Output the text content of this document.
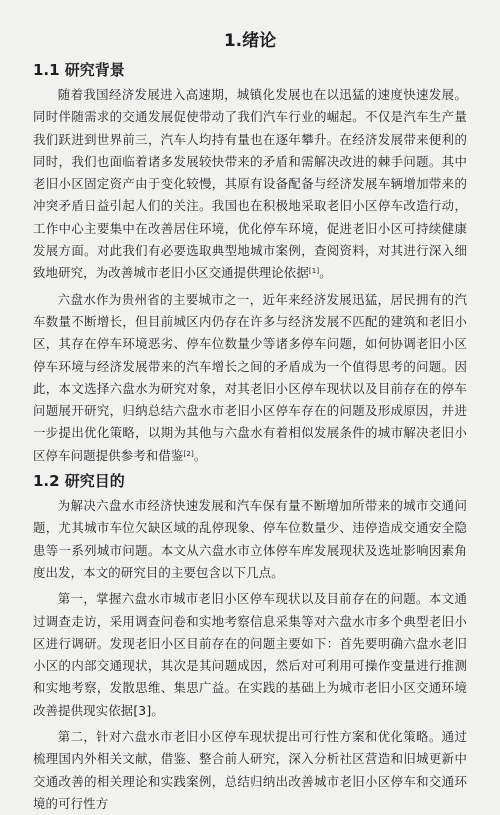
1.绪论
1.1 研究背景

随着我国经济发展进入高速期，城镇化发展也在以迅猛的速度快速发展。同时伴随需求的交通发展促使带动了我们汽车行业的崛起。不仅是汽车生产量我们跃进到世界前三，汽车人均持有量也在逐年攀升。在经济发展带来便利的同时，我们也面临着诸多发展较快带来的矛盾和需解决改进的棘手问题。其中老旧小区固定资产由于变化较慢，其原有设备配备与经济发展车辆增加带来的冲突矛盾日益引起人们的关注。我国也在积极地采取老旧小区停车改造行动，工作中心主要集中在改善居住环境，优化停车环境，促进老旧小区可持续健康发展方面。对此我们有必要选取典型地城市案例，查阅资料，对其进行深入细致地研究，为改善城市老旧小区交通提供理论依据[1]。

六盘水作为贵州省的主要城市之一，近年来经济发展迅猛，居民拥有的汽车数量不断增长，但目前城区内仍存在许多与经济发展不匹配的建筑和老旧小区，其存在停车环境恶劣、停车位数量少等诸多停车问题，如何协调老旧小区停车环境与经济发展带来的汽车增长之间的矛盾成为一个值得思考的问题。因此，本文选择六盘水为研究对象，对其老旧小区停车现状以及目前存在的停车问题展开研究，归纳总结六盘水市老旧小区停车存在的问题及形成原因，并进一步提出优化策略，以期为其他与六盘水有着相似发展条件的城市解决老旧小区停车问题提供参考和借鉴[2]。

1.2 研究目的

为解决六盘水市经济快速发展和汽车保有量不断增加所带来的城市交通问题，尤其城市车位欠缺区域的乱停现象、停车位数量少、违停造成交通安全隐患等一系列城市问题。本文从六盘水市立体停车库发展现状及选址影响因素角度出发，本文的研究目的主要包含以下几点。

第一，掌握六盘水市城市老旧小区停车现状以及目前存在的问题。本文通过调查走访，采用调查问卷和实地考察信息采集等对六盘水市多个典型老旧小区进行调研。发现老旧小区目前存在的问题主要如下：首先要明确六盘水老旧小区的内部交通现状，其次是其问题成因，然后对可利用可操作变量进行推测和实地考察，发散思维、集思广益。在实践的基础上为城市老旧小区交通环境改善提供现实依据[3]。

第二，针对六盘水市老旧小区停车现状提出可行性方案和优化策略。通过梳理国内外相关文献，借鉴、整合前人研究，深入分析社区营造和旧城更新中交通改善的相关理论和实践案例，总结归纳出改善城市老旧小区停车和交通环境的可行性方
